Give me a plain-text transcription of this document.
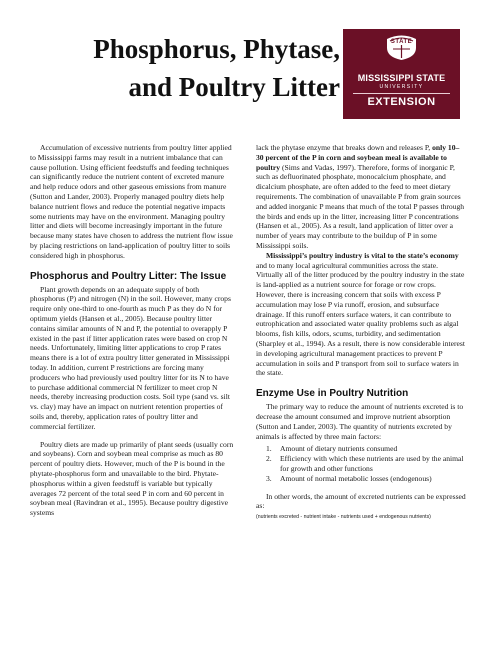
Phosphorus, Phytase,
and Poultry Litter
STATE
MISSISSIPPI STATE
UNIVERSITY
EXTENSION

Accumulation of excessive nutrients from poultry litter applied to Mississippi farms may result in a nutrient imbalance that can cause pollution. Using efficient feedstuffs and feeding techniques can significantly reduce the nutrient content of excreted manure and help reduce odors and other gaseous emissions from manure (Sutton and Lander, 2003). Properly managed poultry diets help balance nutrient flows and reduce the potential negative impacts some nutrients may have on the environment. Managing poultry litter and diets will become increasingly important in the future because many states have chosen to address the nutrient flow issue by placing restrictions on land-application of poultry litter to soils considered high in phosphorus.

Phosphorus and Poultry Litter: The Issue

Plant growth depends on an adequate supply of both phosphorus (P) and nitrogen (N) in the soil. However, many crops require only one-third to one-fourth as much P as they do N for optimum yields (Hansen et al., 2005). Because poultry litter contains similar amounts of N and P, the potential to overapply P existed in the past if litter application rates were based on crop N needs. Unfortunately, limiting litter applications to crop P rates means there is a lot of extra poultry litter generated in Mississippi today. In addition, current P restrictions are forcing many producers who had previously used poultry litter for its N to have to purchase additional commercial N fertilizer to meet crop N needs, thereby increasing production costs. Soil type (sand vs. silt vs. clay) may have an impact on nutrient retention properties of soils and, thereby, application rates of poultry litter and commercial fertilizer.

Poultry diets are made up primarily of plant seeds (usually corn and soybeans). Corn and soybean meal comprise as much as 80 percent of poultry diets. However, much of the P is bound in the phytate-phosphorus form and unavailable to the bird. Phytate-phosphorus within a given feedstuff is variable but typically averages 72 percent of the total seed P in corn and 60 percent in soybean meal (Ravindran et al., 1995). Because poultry digestive systems

lack the phytase enzyme that breaks down and releases P, only 10–30 percent of the P in corn and soybean meal is available to poultry (Sims and Vadas, 1997). Therefore, forms of inorganic P, such as defluorinated phosphate, monocalcium phosphate, and dicalcium phosphate, are often added to the feed to meet dietary requirements. The combination of unavailable P from grain sources and added inorganic P means that much of the total P passes through the birds and ends up in the litter, increasing litter P concentrations (Hansen et al., 2005). As a result, land application of litter over a number of years may contribute to the buildup of P in some Mississippi soils.

Mississippi’s poultry industry is vital to the state’s economy and to many local agricultural communities across the state. Virtually all of the litter produced by the poultry industry in the state is land-applied as a nutrient source for forage or row crops. However, there is increasing concern that soils with excess P accumulation may lose P via runoff, erosion, and subsurface drainage. If this runoff enters surface waters, it can contribute to eutrophication and associated water quality problems such as algal blooms, fish kills, odors, scums, turbidity, and sedimentation (Sharpley et al., 1994). As a result, there is now considerable interest in developing agricultural management practices to prevent P accumulation in soils and P transport from soil to surface waters in the state.

Enzyme Use in Poultry Nutrition

The primary way to reduce the amount of nutrients excreted is to decrease the amount consumed and improve nutrient absorption (Sutton and Lander, 2003). The quantity of nutrients excreted by animals is affected by three main factors:

1. Amount of dietary nutrients consumed
2. Efficiency with which these nutrients are used by the animal for growth and other functions
3. Amount of normal metabolic losses (endogenous)

In other words, the amount of excreted nutrients can be expressed as:

(nutrients excreted - nutrient intake - nutrients used + endogenous nutrients)
